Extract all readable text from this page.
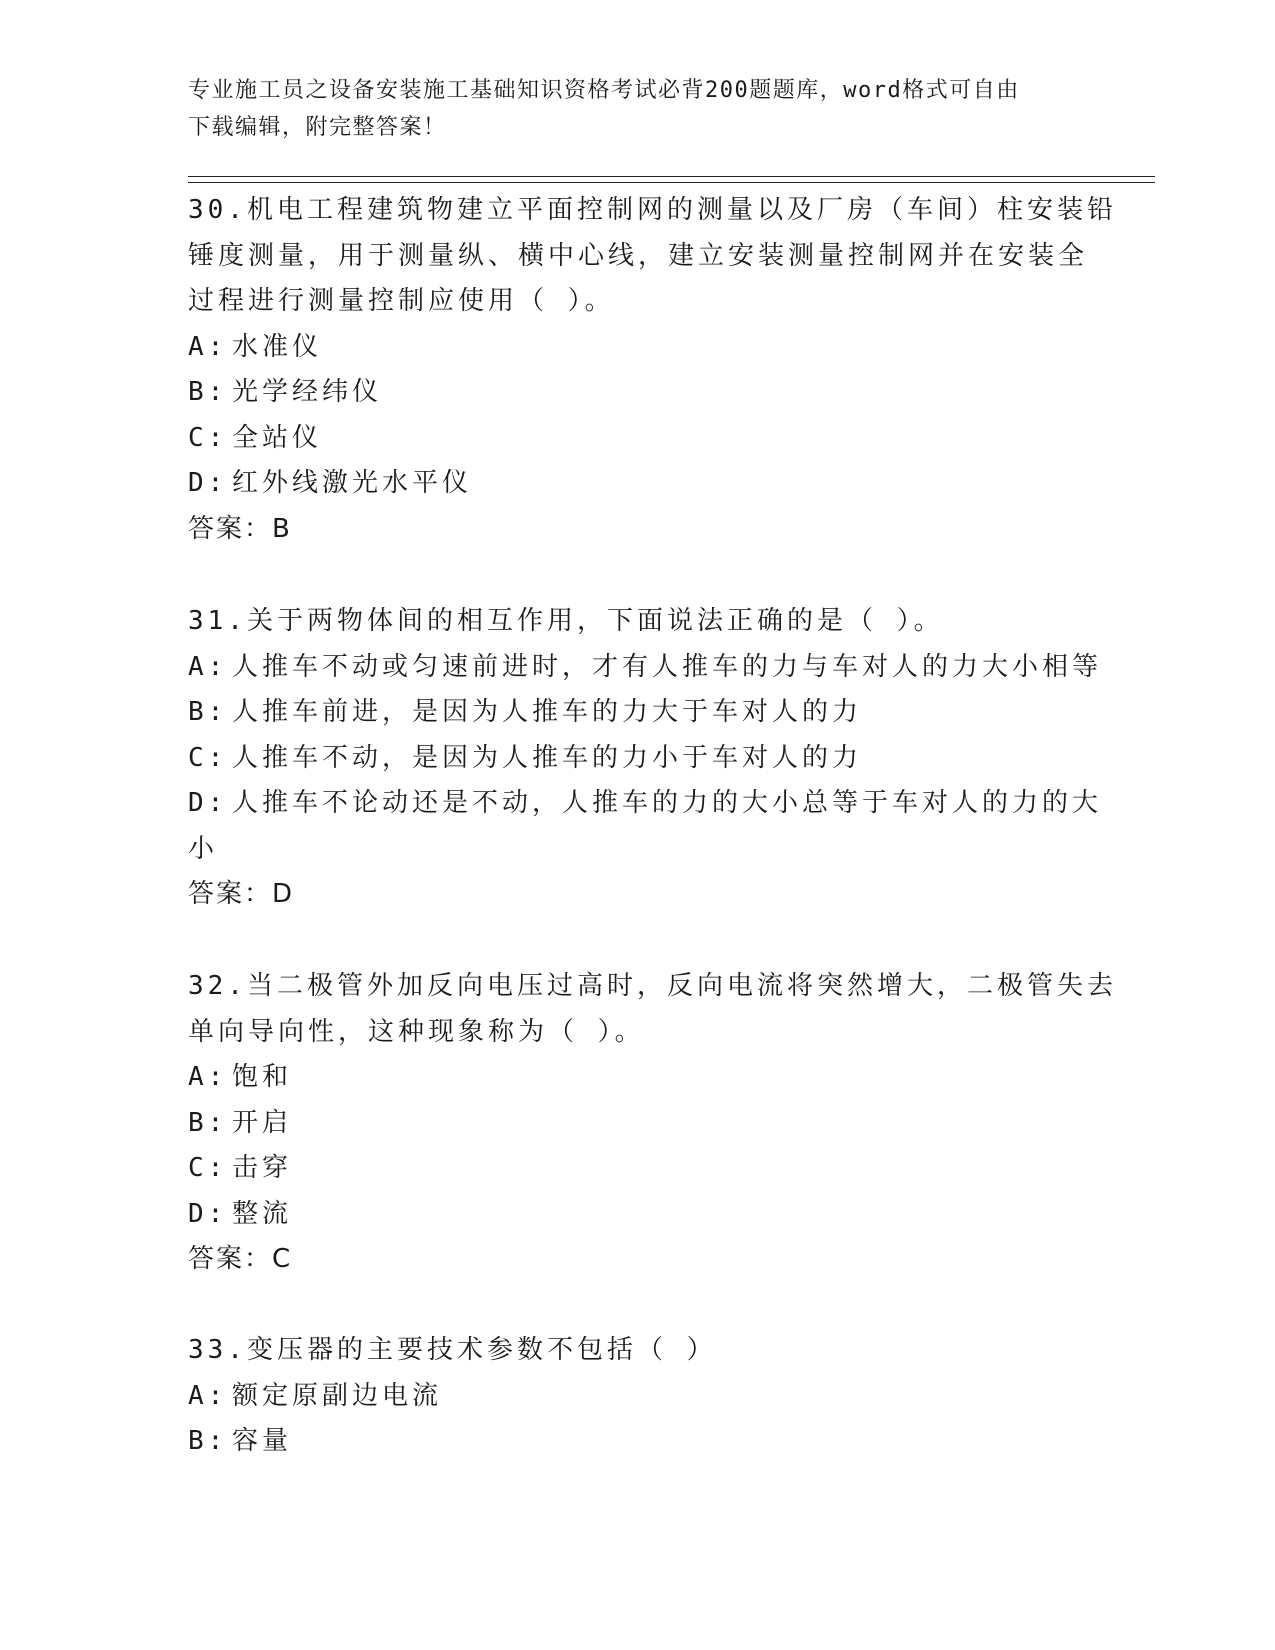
专业施工员之设备安装施工基础知识资格考试必背200题题库，word格式可自由
下载编辑，附完整答案！
30.机电工程建筑物建立平面控制网的测量以及厂房（车间）柱安装铅
锤度测量，用于测量纵、横中心线，建立安装测量控制网并在安装全
过程进行测量控制应使用（ ）。
A: 水准仪
B: 光学经纬仪
C: 全站仪
D: 红外线激光水平仪
答案：B
31.关于两物体间的相互作用，下面说法正确的是（ ）。
A: 人推车不动或匀速前进时，才有人推车的力与车对人的力大小相等
B: 人推车前进，是因为人推车的力大于车对人的力
C: 人推车不动，是因为人推车的力小于车对人的力
D: 人推车不论动还是不动，人推车的力的大小总等于车对人的力的大
小
答案：D
32.当二极管外加反向电压过高时，反向电流将突然增大，二极管失去
单向导向性，这种现象称为（ ）。
A: 饱和
B: 开启
C: 击穿
D: 整流
答案：C
33.变压器的主要技术参数不包括（ ）
A: 额定原副边电流
B: 容量
